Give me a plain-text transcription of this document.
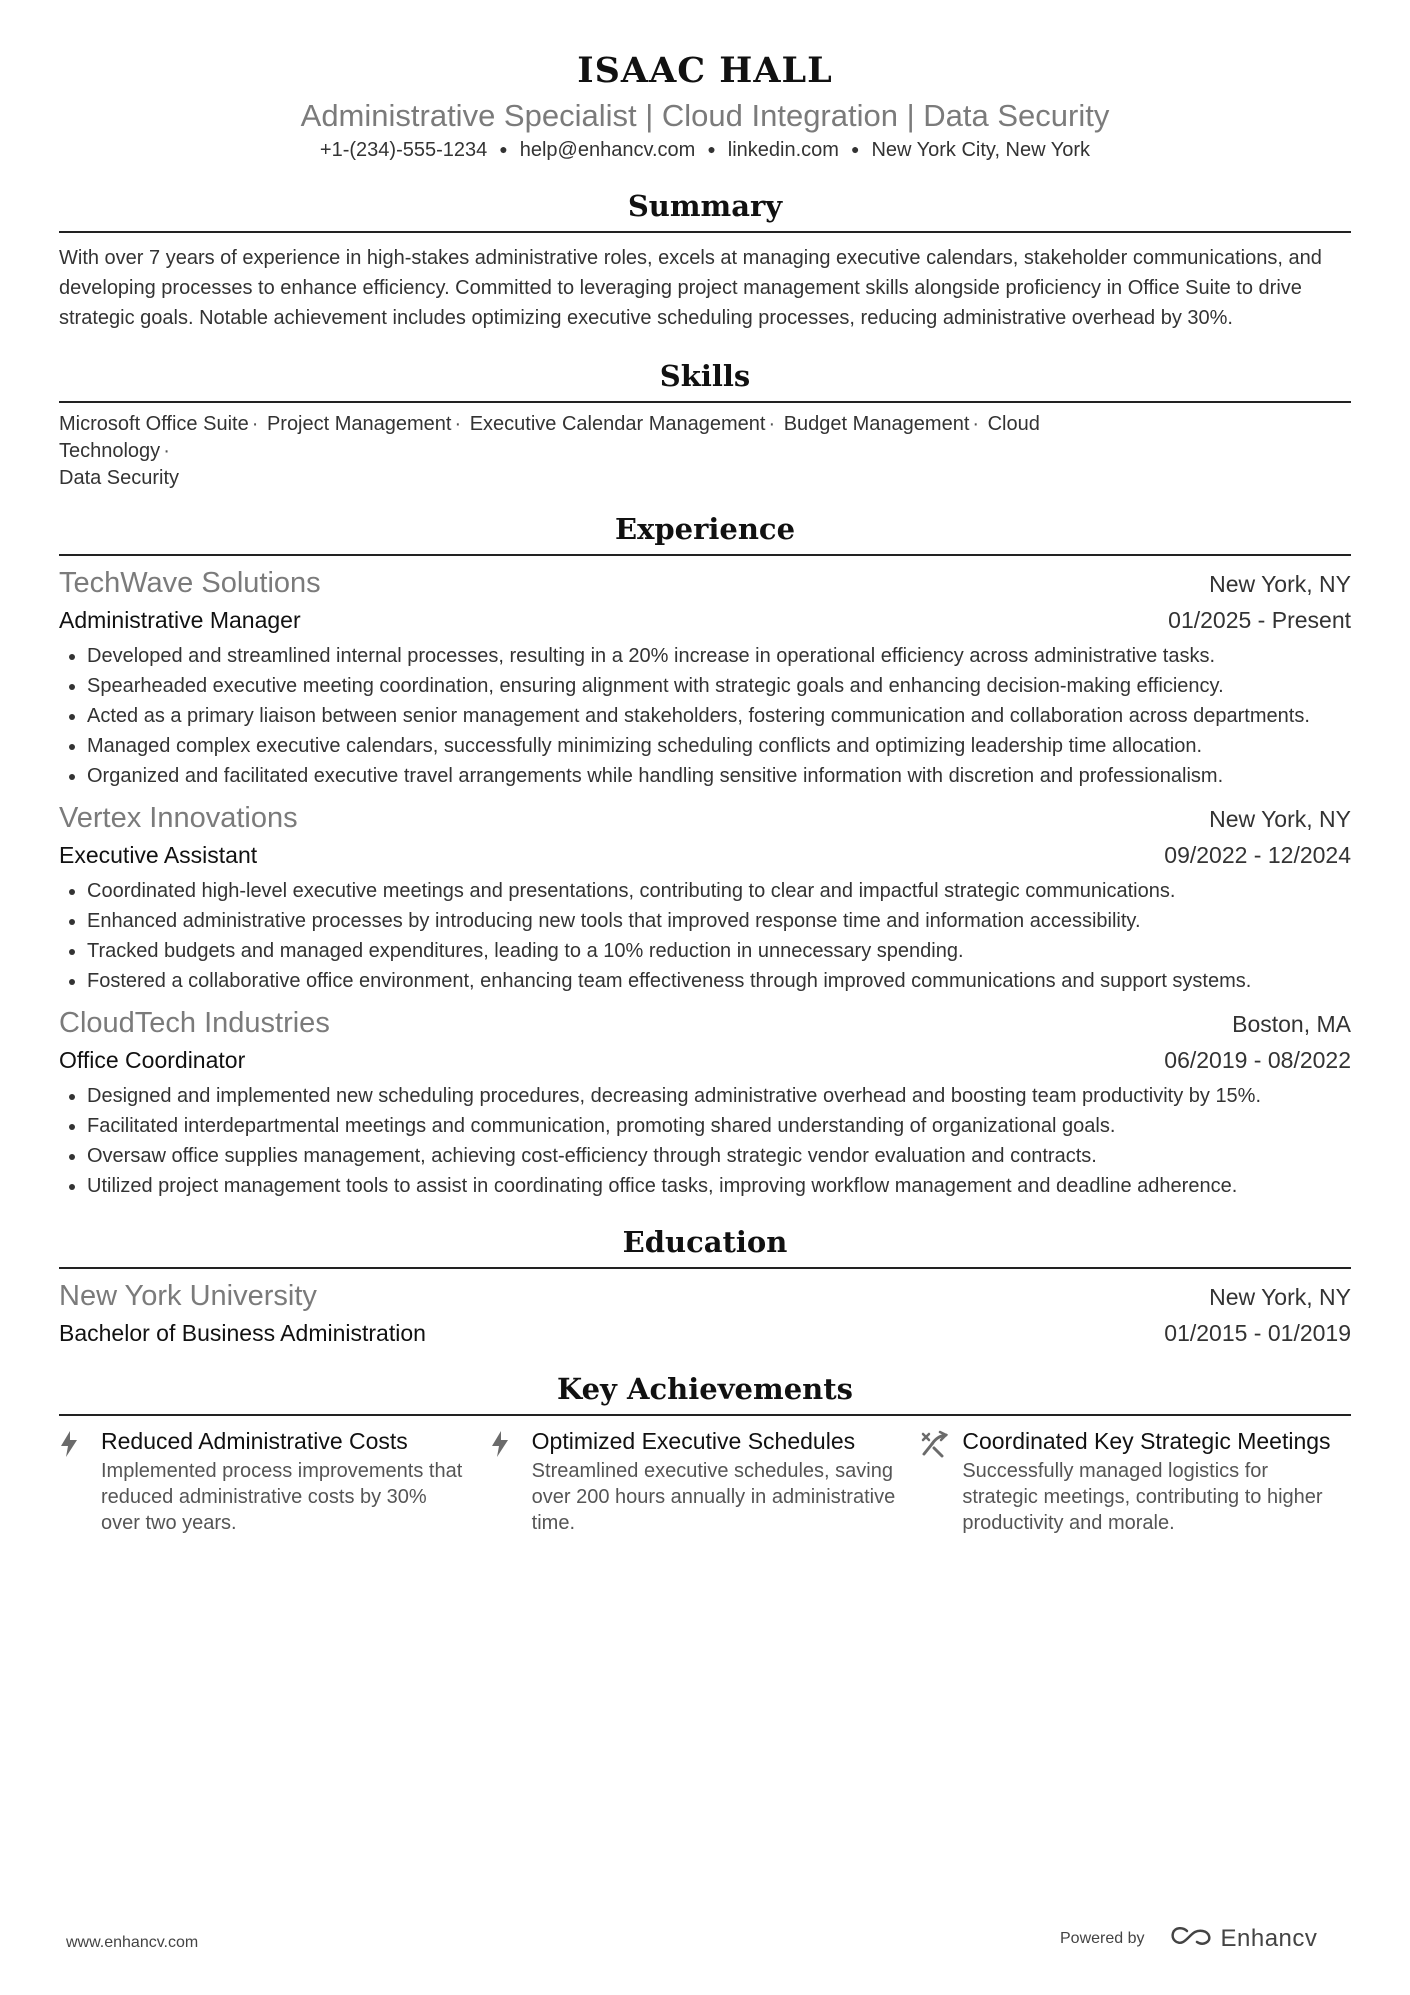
ISAAC HALL
Administrative Specialist | Cloud Integration | Data Security
+1-(234)-555-1234 ● help@enhancv.com ● linkedin.com ● New York City, New York
Summary
With over 7 years of experience in high-stakes administrative roles, excels at managing executive calendars, stakeholder communications, and developing processes to enhance efficiency. Committed to leveraging project management skills alongside proficiency in Office Suite to drive strategic goals. Notable achievement includes optimizing executive scheduling processes, reducing administrative overhead by 30%.
Skills
Microsoft Office Suite · Project Management · Executive Calendar Management · Budget Management · Cloud Technology ·
Data Security
Experience
TechWave Solutions	New York, NY
Administrative Manager	01/2025 - Present
Developed and streamlined internal processes, resulting in a 20% increase in operational efficiency across administrative tasks.
Spearheaded executive meeting coordination, ensuring alignment with strategic goals and enhancing decision-making efficiency.
Acted as a primary liaison between senior management and stakeholders, fostering communication and collaboration across departments.
Managed complex executive calendars, successfully minimizing scheduling conflicts and optimizing leadership time allocation.
Organized and facilitated executive travel arrangements while handling sensitive information with discretion and professionalism.
Vertex Innovations	New York, NY
Executive Assistant	09/2022 - 12/2024
Coordinated high-level executive meetings and presentations, contributing to clear and impactful strategic communications.
Enhanced administrative processes by introducing new tools that improved response time and information accessibility.
Tracked budgets and managed expenditures, leading to a 10% reduction in unnecessary spending.
Fostered a collaborative office environment, enhancing team effectiveness through improved communications and support systems.
CloudTech Industries	Boston, MA
Office Coordinator	06/2019 - 08/2022
Designed and implemented new scheduling procedures, decreasing administrative overhead and boosting team productivity by 15%.
Facilitated interdepartmental meetings and communication, promoting shared understanding of organizational goals.
Oversaw office supplies management, achieving cost-efficiency through strategic vendor evaluation and contracts.
Utilized project management tools to assist in coordinating office tasks, improving workflow management and deadline adherence.
Education
New York University	New York, NY
Bachelor of Business Administration	01/2015 - 01/2019
Key Achievements
Reduced Administrative Costs
Implemented process improvements that reduced administrative costs by 30% over two years.
Optimized Executive Schedules
Streamlined executive schedules, saving over 200 hours annually in administrative time.
Coordinated Key Strategic Meetings
Successfully managed logistics for strategic meetings, contributing to higher productivity and morale.
www.enhancv.com	Powered by	Enhancv
